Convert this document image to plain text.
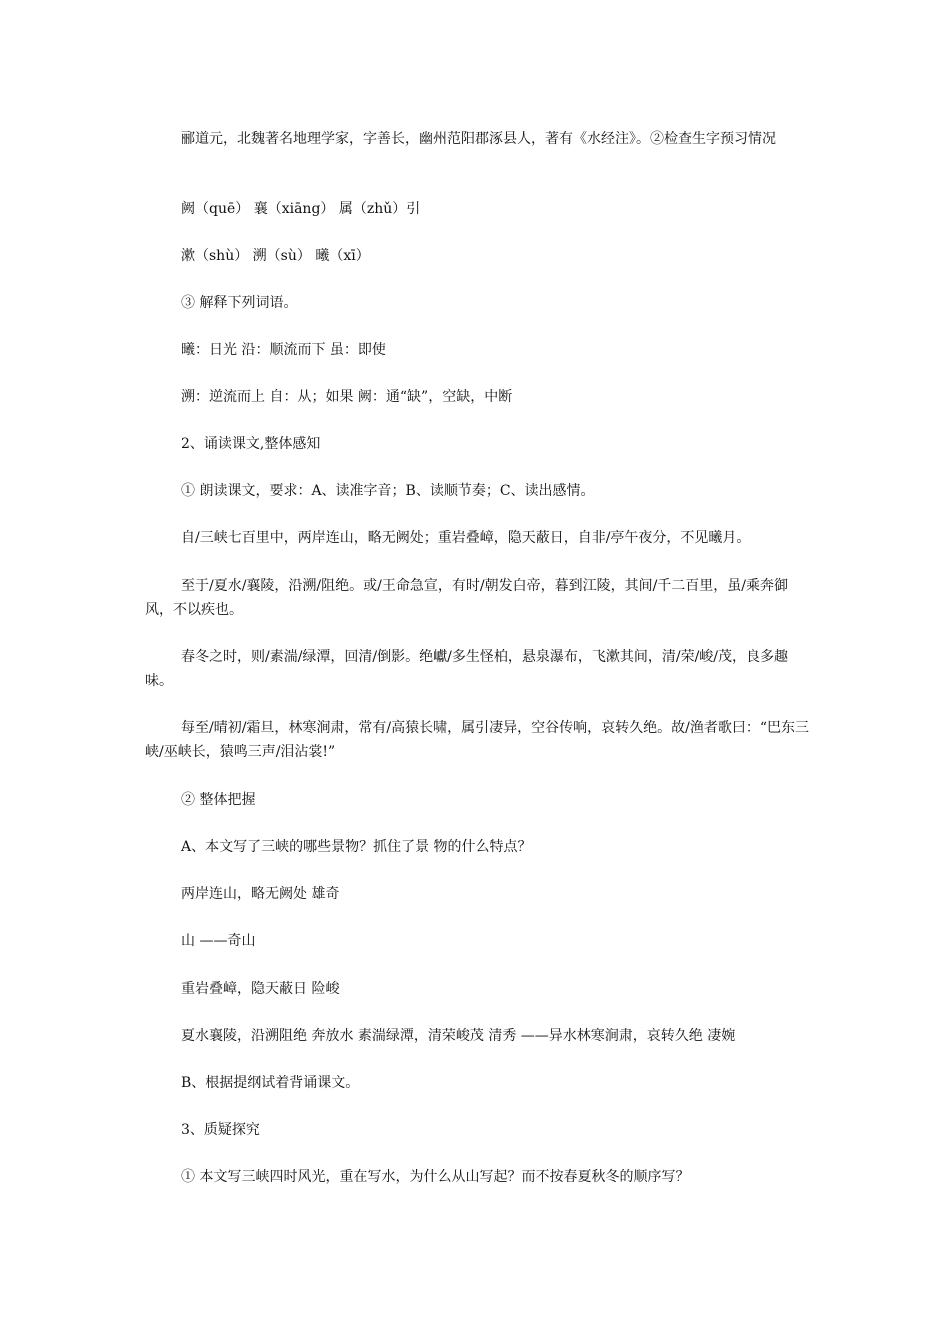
郦道元，北魏著名地理学家，字善长，幽州范阳郡涿县人，著有《水经注》。②检查生字预习情况

阙（quē） 襄（xiāng） 属（zhǔ）引

漱（shù） 溯（sù） 曦（xī）

③ 解释下列词语。

曦：日光 沿：顺流而下 虽：即使

溯：逆流而上 自：从；如果 阙：通“缺”，空缺，中断

2、诵读课文,整体感知

① 朗读课文，要求：A、读准字音；B、读顺节奏；C、读出感情。

自/三峡七百里中，两岸连山，略无阙处；重岩叠嶂，隐天蔽日，自非/亭午夜分，不见曦月。

至于/夏水/襄陵，沿溯/阻绝。或/王命急宣，有时/朝发白帝，暮到江陵，其间/千二百里，虽/乘奔御风，不以疾也。

春冬之时，则/素湍/绿潭，回清/倒影。绝巘/多生怪柏，悬泉瀑布，飞漱其间，清/荣/峻/茂，良多趣味。

每至/晴初/霜旦，林寒涧肃，常有/高猿长啸，属引凄异，空谷传响，哀转久绝。故/渔者歌曰：“巴东三峡/巫峡长，猿鸣三声/泪沾裳!”

② 整体把握

A、本文写了三峡的哪些景物？抓住了景 物的什么特点？

两岸连山，略无阙处 雄奇

山 ——奇山

重岩叠嶂，隐天蔽日 险峻

夏水襄陵，沿溯阻绝 奔放水 素湍绿潭，清荣峻茂 清秀 ——异水林寒涧肃，哀转久绝 凄婉

B、根据提纲试着背诵课文。

3、质疑探究

① 本文写三峡四时风光，重在写水，为什么从山写起？而不按春夏秋冬的顺序写？
